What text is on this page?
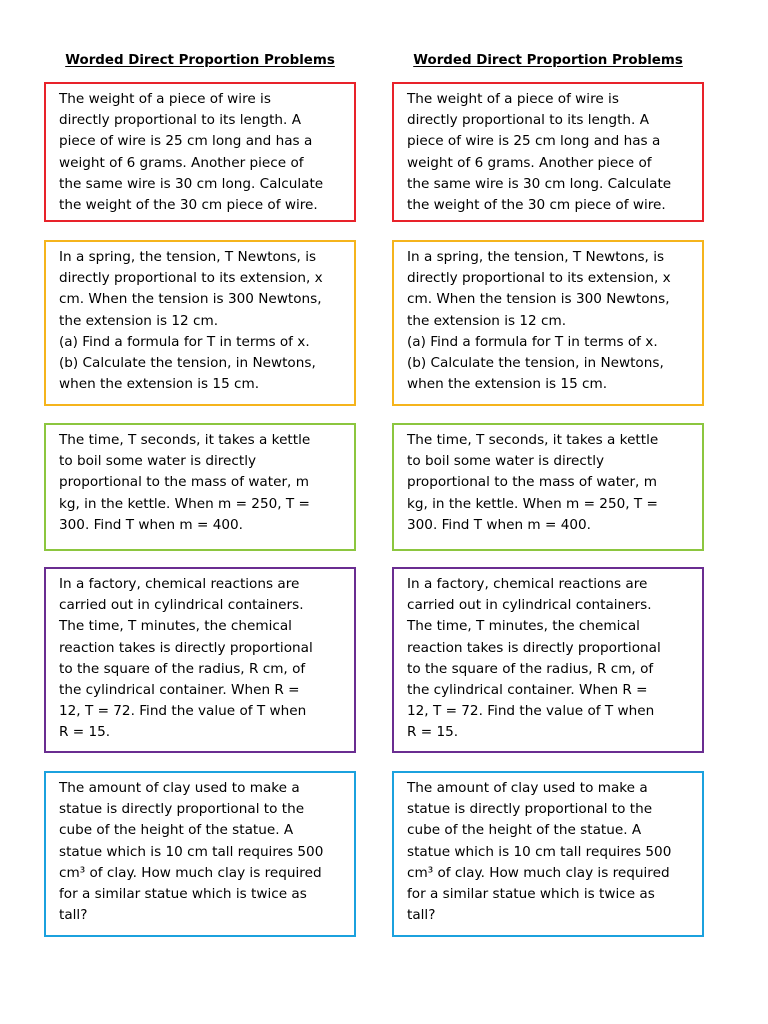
Worded Direct Proportion Problems
The weight of a piece of wire is
directly proportional to its length. A
piece of wire is 25 cm long and has a
weight of 6 grams. Another piece of
the same wire is 30 cm long. Calculate
the weight of the 30 cm piece of wire.
In a spring, the tension, T Newtons, is
directly proportional to its extension, x
cm. When the tension is 300 Newtons,
the extension is 12 cm.
(a) Find a formula for T in terms of x.
(b) Calculate the tension, in Newtons,
when the extension is 15 cm.
The time, T seconds, it takes a kettle
to boil some water is directly
proportional to the mass of water, m
kg, in the kettle. When m = 250, T =
300. Find T when m = 400.
In a factory, chemical reactions are
carried out in cylindrical containers.
The time, T minutes, the chemical
reaction takes is directly proportional
to the square of the radius, R cm, of
the cylindrical container. When R =
12, T = 72. Find the value of T when
R = 15.
The amount of clay used to make a
statue is directly proportional to the
cube of the height of the statue. A
statue which is 10 cm tall requires 500
cm³ of clay. How much clay is required
for a similar statue which is twice as
tall?
Worded Direct Proportion Problems
The weight of a piece of wire is
directly proportional to its length. A
piece of wire is 25 cm long and has a
weight of 6 grams. Another piece of
the same wire is 30 cm long. Calculate
the weight of the 30 cm piece of wire.
In a spring, the tension, T Newtons, is
directly proportional to its extension, x
cm. When the tension is 300 Newtons,
the extension is 12 cm.
(a) Find a formula for T in terms of x.
(b) Calculate the tension, in Newtons,
when the extension is 15 cm.
The time, T seconds, it takes a kettle
to boil some water is directly
proportional to the mass of water, m
kg, in the kettle. When m = 250, T =
300. Find T when m = 400.
In a factory, chemical reactions are
carried out in cylindrical containers.
The time, T minutes, the chemical
reaction takes is directly proportional
to the square of the radius, R cm, of
the cylindrical container. When R =
12, T = 72. Find the value of T when
R = 15.
The amount of clay used to make a
statue is directly proportional to the
cube of the height of the statue. A
statue which is 10 cm tall requires 500
cm³ of clay. How much clay is required
for a similar statue which is twice as
tall?
